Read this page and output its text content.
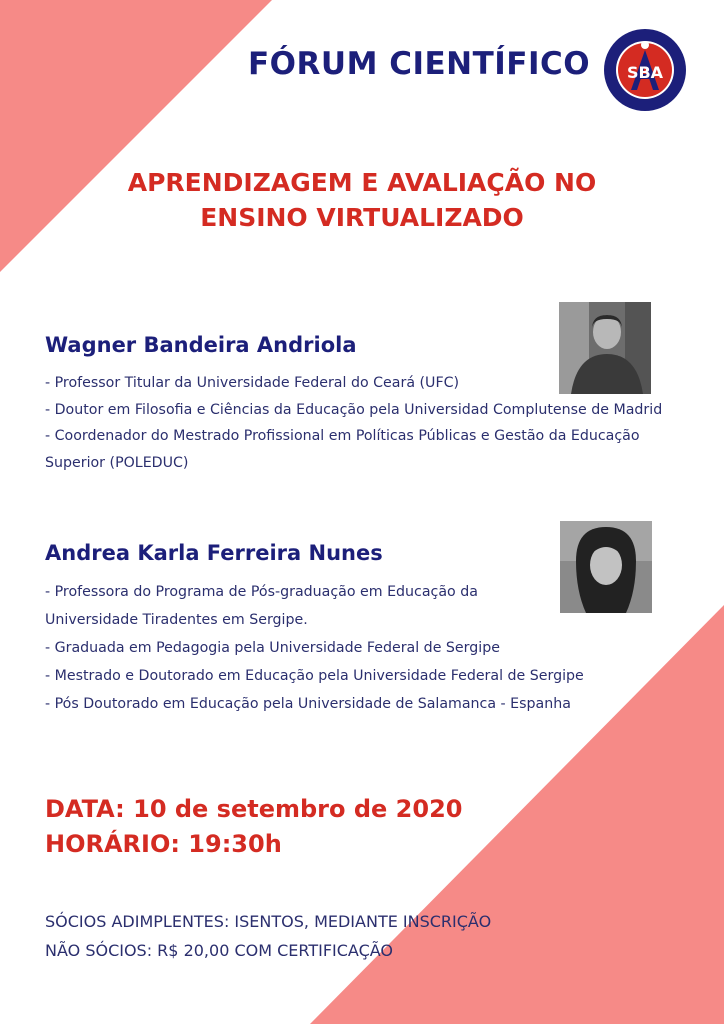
FÓRUM CIENTÍFICO	SBA
APRENDIZAGEM E AVALIAÇÃO NO
ENSINO VIRTUALIZADO
Wagner Bandeira Andriola
- Professor Titular da Universidade Federal do Ceará (UFC)
- Doutor em Filosofia e Ciências da Educação pela Universidad Complutense de Madrid
- Coordenador do Mestrado Profissional em Políticas Públicas e Gestão da Educação
Superior (POLEDUC)
Andrea Karla Ferreira Nunes
- Professora do Programa de Pós-graduação em Educação da
Universidade Tiradentes em Sergipe.
- Graduada em Pedagogia pela Universidade Federal de Sergipe
- Mestrado e Doutorado em Educação pela Universidade Federal de Sergipe
- Pós Doutorado em Educação pela Universidade de Salamanca - Espanha
DATA: 10 de setembro de 2020
HORÁRIO: 19:30h
SÓCIOS ADIMPLENTES: ISENTOS, MEDIANTE INSCRIÇÃO
NÃO SÓCIOS: R$ 20,00 COM CERTIFICAÇÃO
